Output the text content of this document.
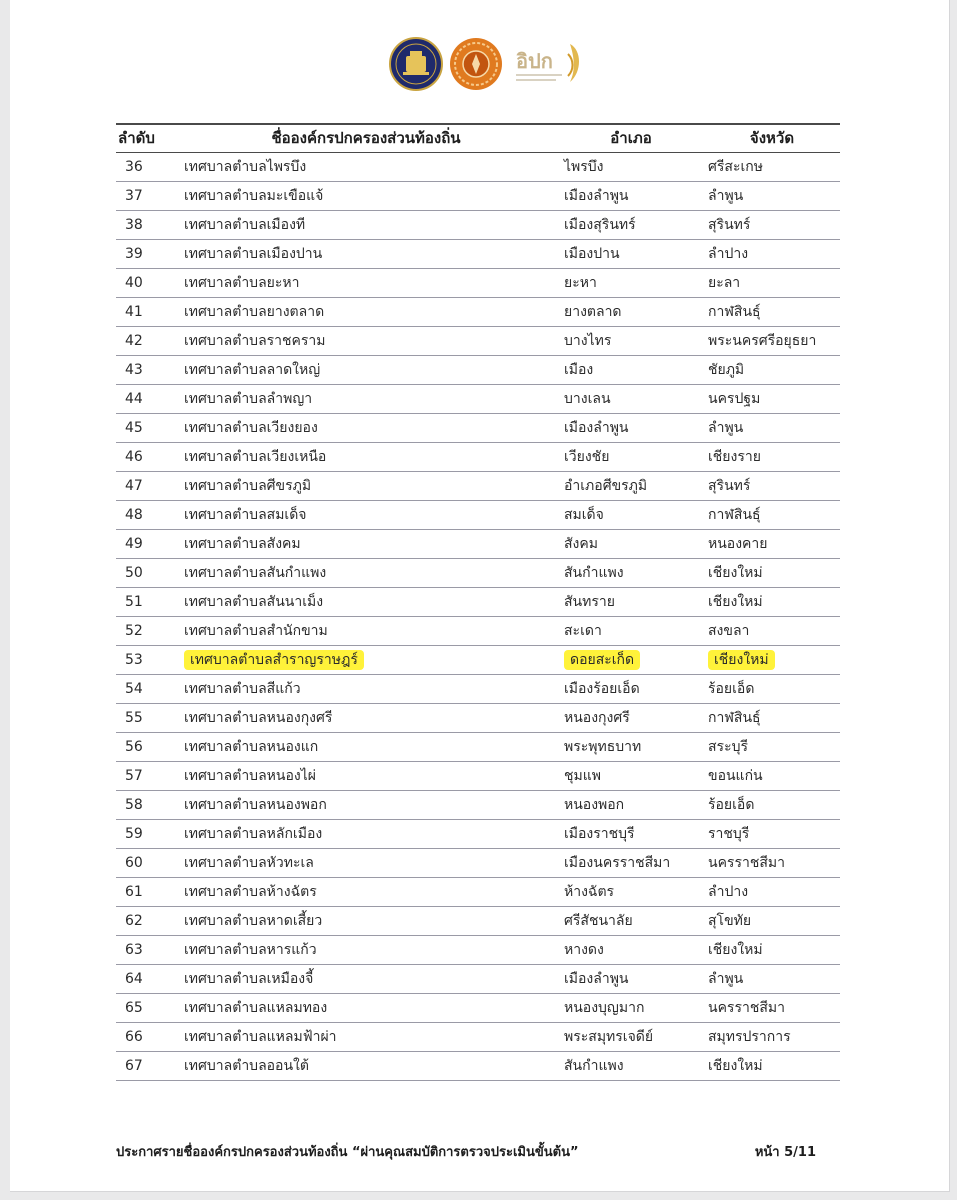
อิปก
ลำดับ	ชื่อองค์กรปกครองส่วนท้องถิ่น	อำเภอ	จังหวัด
36	เทศบาลตำบลไพรบึง	ไพรบึง	ศรีสะเกษ
37	เทศบาลตำบลมะเขือแจ้	เมืองลำพูน	ลำพูน
38	เทศบาลตำบลเมืองที	เมืองสุรินทร์	สุรินทร์
39	เทศบาลตำบลเมืองปาน	เมืองปาน	ลำปาง
40	เทศบาลตำบลยะหา	ยะหา	ยะลา
41	เทศบาลตำบลยางตลาด	ยางตลาด	กาฬสินธุ์
42	เทศบาลตำบลราชคราม	บางไทร	พระนครศรีอยุธยา
43	เทศบาลตำบลลาดใหญ่	เมือง	ชัยภูมิ
44	เทศบาลตำบลลำพญา	บางเลน	นครปฐม
45	เทศบาลตำบลเวียงยอง	เมืองลำพูน	ลำพูน
46	เทศบาลตำบลเวียงเหนือ	เวียงชัย	เชียงราย
47	เทศบาลตำบลศีขรภูมิ	อำเภอศีขรภูมิ	สุรินทร์
48	เทศบาลตำบลสมเด็จ	สมเด็จ	กาฬสินธุ์
49	เทศบาลตำบลสังคม	สังคม	หนองคาย
50	เทศบาลตำบลสันกำแพง	สันกำแพง	เชียงใหม่
51	เทศบาลตำบลสันนาเม็ง	สันทราย	เชียงใหม่
52	เทศบาลตำบลสำนักขาม	สะเดา	สงขลา
53	เทศบาลตำบลสำราญราษฎร์	ดอยสะเก็ด	เชียงใหม่
54	เทศบาลตำบลสีแก้ว	เมืองร้อยเอ็ด	ร้อยเอ็ด
55	เทศบาลตำบลหนองกุงศรี	หนองกุงศรี	กาฬสินธุ์
56	เทศบาลตำบลหนองแก	พระพุทธบาท	สระบุรี
57	เทศบาลตำบลหนองไผ่	ชุมแพ	ขอนแก่น
58	เทศบาลตำบลหนองพอก	หนองพอก	ร้อยเอ็ด
59	เทศบาลตำบลหลักเมือง	เมืองราชบุรี	ราชบุรี
60	เทศบาลตำบลหัวทะเล	เมืองนครราชสีมา	นครราชสีมา
61	เทศบาลตำบลห้างฉัตร	ห้างฉัตร	ลำปาง
62	เทศบาลตำบลหาดเสี้ยว	ศรีสัชนาลัย	สุโขทัย
63	เทศบาลตำบลหารแก้ว	หางดง	เชียงใหม่
64	เทศบาลตำบลเหมืองจี้	เมืองลำพูน	ลำพูน
65	เทศบาลตำบลแหลมทอง	หนองบุญมาก	นครราชสีมา
66	เทศบาลตำบลแหลมฟ้าผ่า	พระสมุทรเจดีย์	สมุทรปราการ
67	เทศบาลตำบลออนใต้	สันกำแพง	เชียงใหม่
ประกาศรายชื่อองค์กรปกครองส่วนท้องถิ่น “ผ่านคุณสมบัติการตรวจประเมินขั้นต้น”	หน้า 5/11
